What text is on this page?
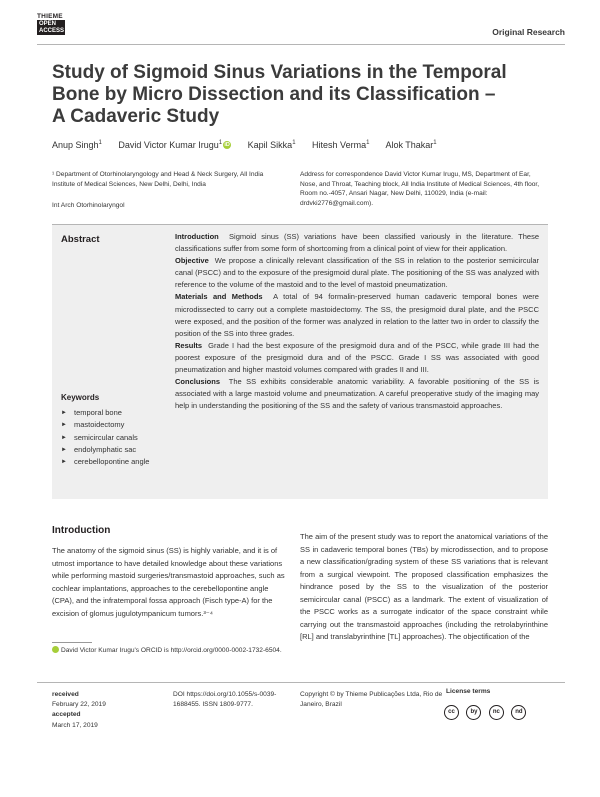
THIEME
OPEN ACCESS	Original Research
Study of Sigmoid Sinus Variations in the Temporal
Bone by Micro Dissection and its Classification –
A Cadaveric Study
Anup Singh$^1$ David Victor Kumar Irugu$^1$ iD Kapil Sikka$^1$ Hitesh Verma$^1$ Alok Thakar$^1$
¹ Department of Otorhinolaryngology and Head & Neck Surgery, All India Institute of Medical Sciences, New Delhi, Delhi, India
Int Arch Otorhinolaryngol
Address for correspondence David Victor Kumar Irugu, MS, Department of Ear, Nose, and Throat, Teaching block, All India Institute of Medical Sciences, 4th floor, Room no.-4057, Ansari Nagar, New Delhi, 110029, India (e-mail: drdvki2776@gmail.com).
Abstract	Introduction Sigmoid sinus (SS) variations have been classified variously in the literature. These classifications suffer from some form of shortcoming from a clinical point of view for their application.

Objective We propose a clinically relevant classification of the SS in relation to the posterior semicircular canal (PSCC) and to the exposure of the presigmoid dural plate. The positioning of the SS was analyzed with reference to the volume of the mastoid and to the level of mastoid pneumatization.

Materials and Methods A total of 94 formalin-preserved human cadaveric temporal bones were microdissected to carry out a complete mastoidectomy. The SS, the presigmoid dural plate, and the PSCC were exposed, and the position of the former was analyzed in relation to the latter two in order to classify the position of the SS into three grades.

Results Grade I had the best exposure of the presigmoid dura and of the PSCC, while grade III had the poorest exposure of the presigmoid dura and of the PSCC. Grade I SS was associated with good pneumatization and higher mastoid volumes compared with grades II and III.

Conclusions The SS exhibits considerable anatomic variability. A favorable positioning of the SS is associated with a large mastoid volume and pneumatization. A careful preoperative study of the imaging may help in understanding the positioning of the SS and the safety of various transmastoid approaches.

Keywords
► temporal bone
► mastoidectomy
► semicircular canals
► endolymphatic sac
► cerebellopontine angle
Introduction
The anatomy of the sigmoid sinus (SS) is highly variable, and it is of utmost importance to have detailed knowledge about these variations while performing mastoid surgeries/transmastoid approaches, such as cochlear implantations, approaches to the cerebellopontine angle (CPA), and the infratemporal fossa approach (Fisch type-A) for the excision of glomus jugulotympanicum tumors.³⁻⁴
The aim of the present study was to report the anatomical variations of the SS in cadaveric temporal bones (TBs) by microdissection, and to propose a new classification/grading system of these SS variations that is relevant from a surgical viewpoint. The proposed classification emphasizes the hindrance posed by the SS to the visualization of the posterior semicircular canal (PSCC) as a landmark. The extent of visualization of the PSCC works as a surrogate indicator of the space constraint while carrying out the transmastoid approaches (including the retrolabyrinthine [RL] and translabyrinthine [TL] approaches). The objectification of the
David Victor Kumar Irugu's ORCID is http://orcid.org/0000-0002-1732-6504.
received
February 22, 2019
accepted
March 17, 2019
DOI https://doi.org/10.1055/s-0039-1688455. ISSN 1809-9777.
Copyright © by Thieme Publicações Ltda, Rio de Janeiro, Brazil
License terms
cc	by	nc	nd
